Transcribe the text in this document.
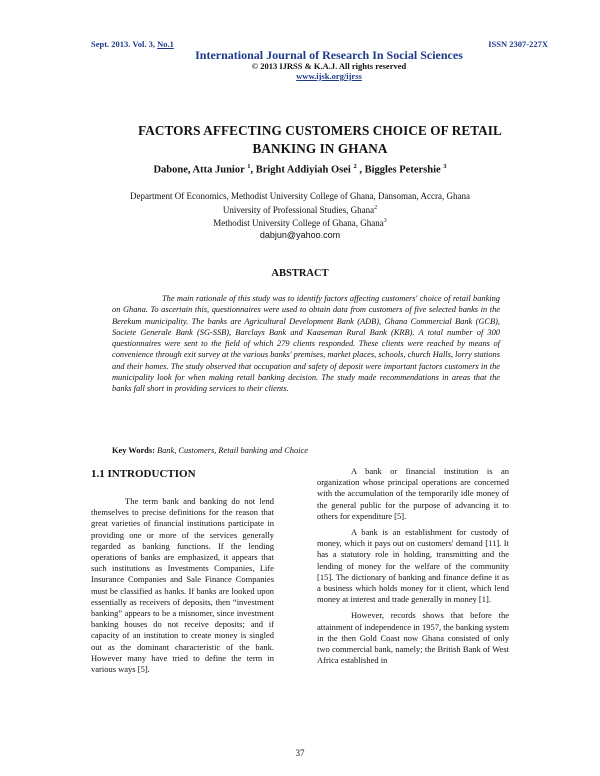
Sept. 2013. Vol. 3, No.1	ISSN 2307-227X
International Journal of Research In Social Sciences
© 2013 IJRSS & K.A.J. All rights reserved
www.ijsk.org/ijrss
FACTORS AFFECTING CUSTOMERS CHOICE OF RETAIL
BANKING IN GHANA
Dabone, Atta Junior $^1$, Bright Addiyiah Osei $^2$ , Biggles Petershie $^3$
Department Of Economics, Methodist University College of Ghana, Dansoman, Accra, Ghana
University of Professional Studies, Ghana$^2$
Methodist University College of Ghana, Ghana$^3$
dabjun@yahoo.com
ABSTRACT

The main rationale of this study was to identify factors affecting customers' choice of retail banking on Ghana. To ascertain this, questionnaires were used to obtain data from customers of five selected banks in the Berekum municipality. The banks are Agricultural Development Bank (ADB), Ghana Commercial Bank (GCB), Societe Generale Bank (SG-SSB), Barclays Bank and Kaaseman Rural Bank (KRB). A total number of 300 questionnaires were sent to the field of which 279 clients responded. These clients were reached by means of convenience through exit survey at the various banks' premises, market places, schools, church Halls, lorry stations and their homes. The study observed that occupation and safety of deposit were important factors customers in the municipality look for when making retail banking decision. The study made recommendations in areas that the banks fall short in providing services to their clients.

Key Words: Bank, Customers, Retail banking and Choice
1.1 INTRODUCTION

The term bank and banking do not lend themselves to precise definitions for the reason that great varieties of financial institutions participate in providing one or more of the services generally regarded as banking functions. If the lending operations of banks are emphasized, it appears that such institutions as Investments Companies, Life Insurance Companies and Sale Finance Companies must be classified as banks. If banks are looked upon essentially as receivers of deposits, then “investment banking” appears to be a misnomer, since investment banking houses do not receive deposits; and if capacity of an institution to create money is singled out as the dominant characteristic of the bank. However many have tried to define the term in various ways [5].

A bank or financial institution is an organization whose principal operations are concerned with the accumulation of the temporarily idle money of the general public for the purpose of advancing it to others for expenditure [5].

A bank is an establishment for custody of money, which it pays out on customers' demand [11]. It has a statutory role in holding, transmitting and the lending of money for the welfare of the community [15]. The dictionary of banking and finance define it as a business which holds money for it client, which lend money at interest and trade generally in money [1].

However, records shows that before the attainment of independence in 1957, the banking system in the then Gold Coast now Ghana consisted of only two commercial bank, namely; the British Bank of West Africa established in

37
